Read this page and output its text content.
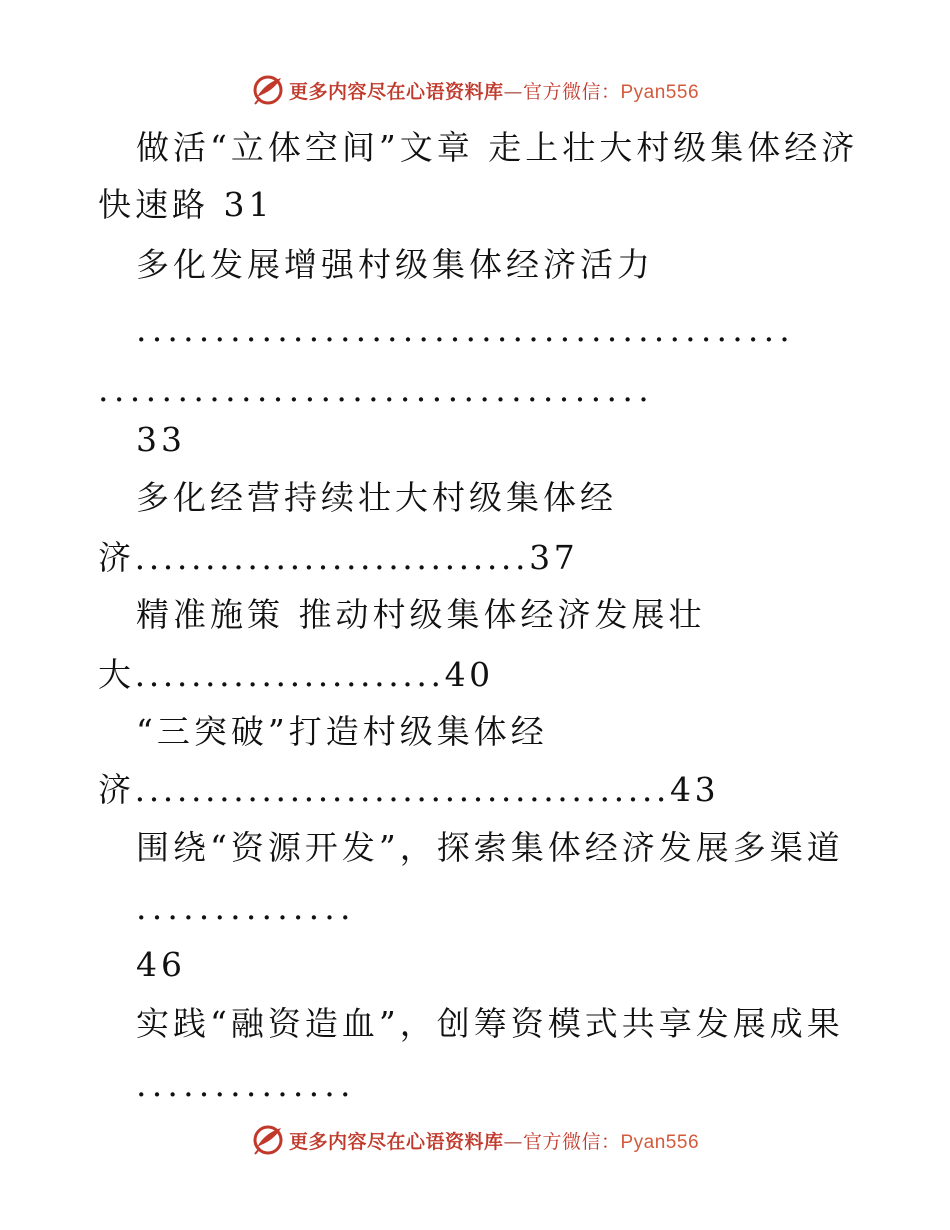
更多内容尽在心语资料库—官方微信：Pyan556
做活“立体空间”文章 走上壮大村级集体经济
快速路 31
多化发展增强村级集体经济活力
..........................................
...................................
33
多化经营持续壮大村级集体经
济............................37
精准施策 推动村级集体经济发展壮
大......................40
“三突破”打造村级集体经
济......................................43
围绕“资源开发”，探索集体经济发展多渠道
..............
46
实践“融资造血”，创筹资模式共享发展成果
..............
更多内容尽在心语资料库—官方微信：Pyan556
